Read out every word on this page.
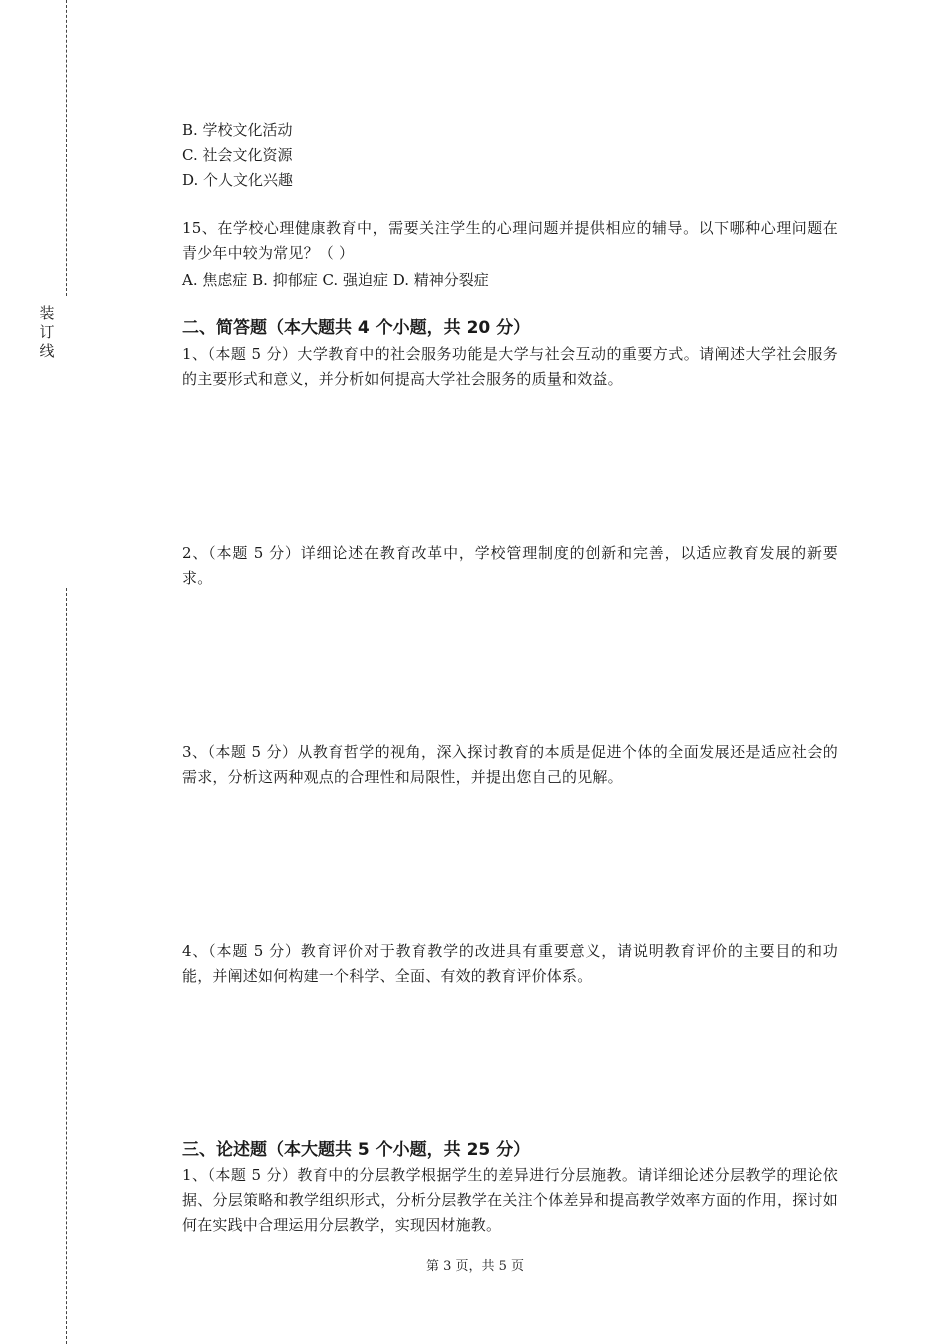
装
订
线
B. 学校文化活动
C. 社会文化资源
D. 个人文化兴趣
15、在学校心理健康教育中，需要关注学生的心理问题并提供相应的辅导。以下哪种心理问题在青少年中较为常见？（ ）
A. 焦虑症 B. 抑郁症 C. 强迫症 D. 精神分裂症
二、简答题（本大题共 4 个小题，共 20 分）
1、（本题 5 分）大学教育中的社会服务功能是大学与社会互动的重要方式。请阐述大学社会服务的主要形式和意义，并分析如何提高大学社会服务的质量和效益。
2、（本题 5 分）详细论述在教育改革中，学校管理制度的创新和完善，以适应教育发展的新要求。
3、（本题 5 分）从教育哲学的视角，深入探讨教育的本质是促进个体的全面发展还是适应社会的需求，分析这两种观点的合理性和局限性，并提出您自己的见解。
4、（本题 5 分）教育评价对于教育教学的改进具有重要意义，请说明教育评价的主要目的和功能，并阐述如何构建一个科学、全面、有效的教育评价体系。
三、论述题（本大题共 5 个小题，共 25 分）
1、（本题 5 分）教育中的分层教学根据学生的差异进行分层施教。请详细论述分层教学的理论依据、分层策略和教学组织形式，分析分层教学在关注个体差异和提高教学效率方面的作用，探讨如何在实践中合理运用分层教学，实现因材施教。
第 3 页，共 5 页
